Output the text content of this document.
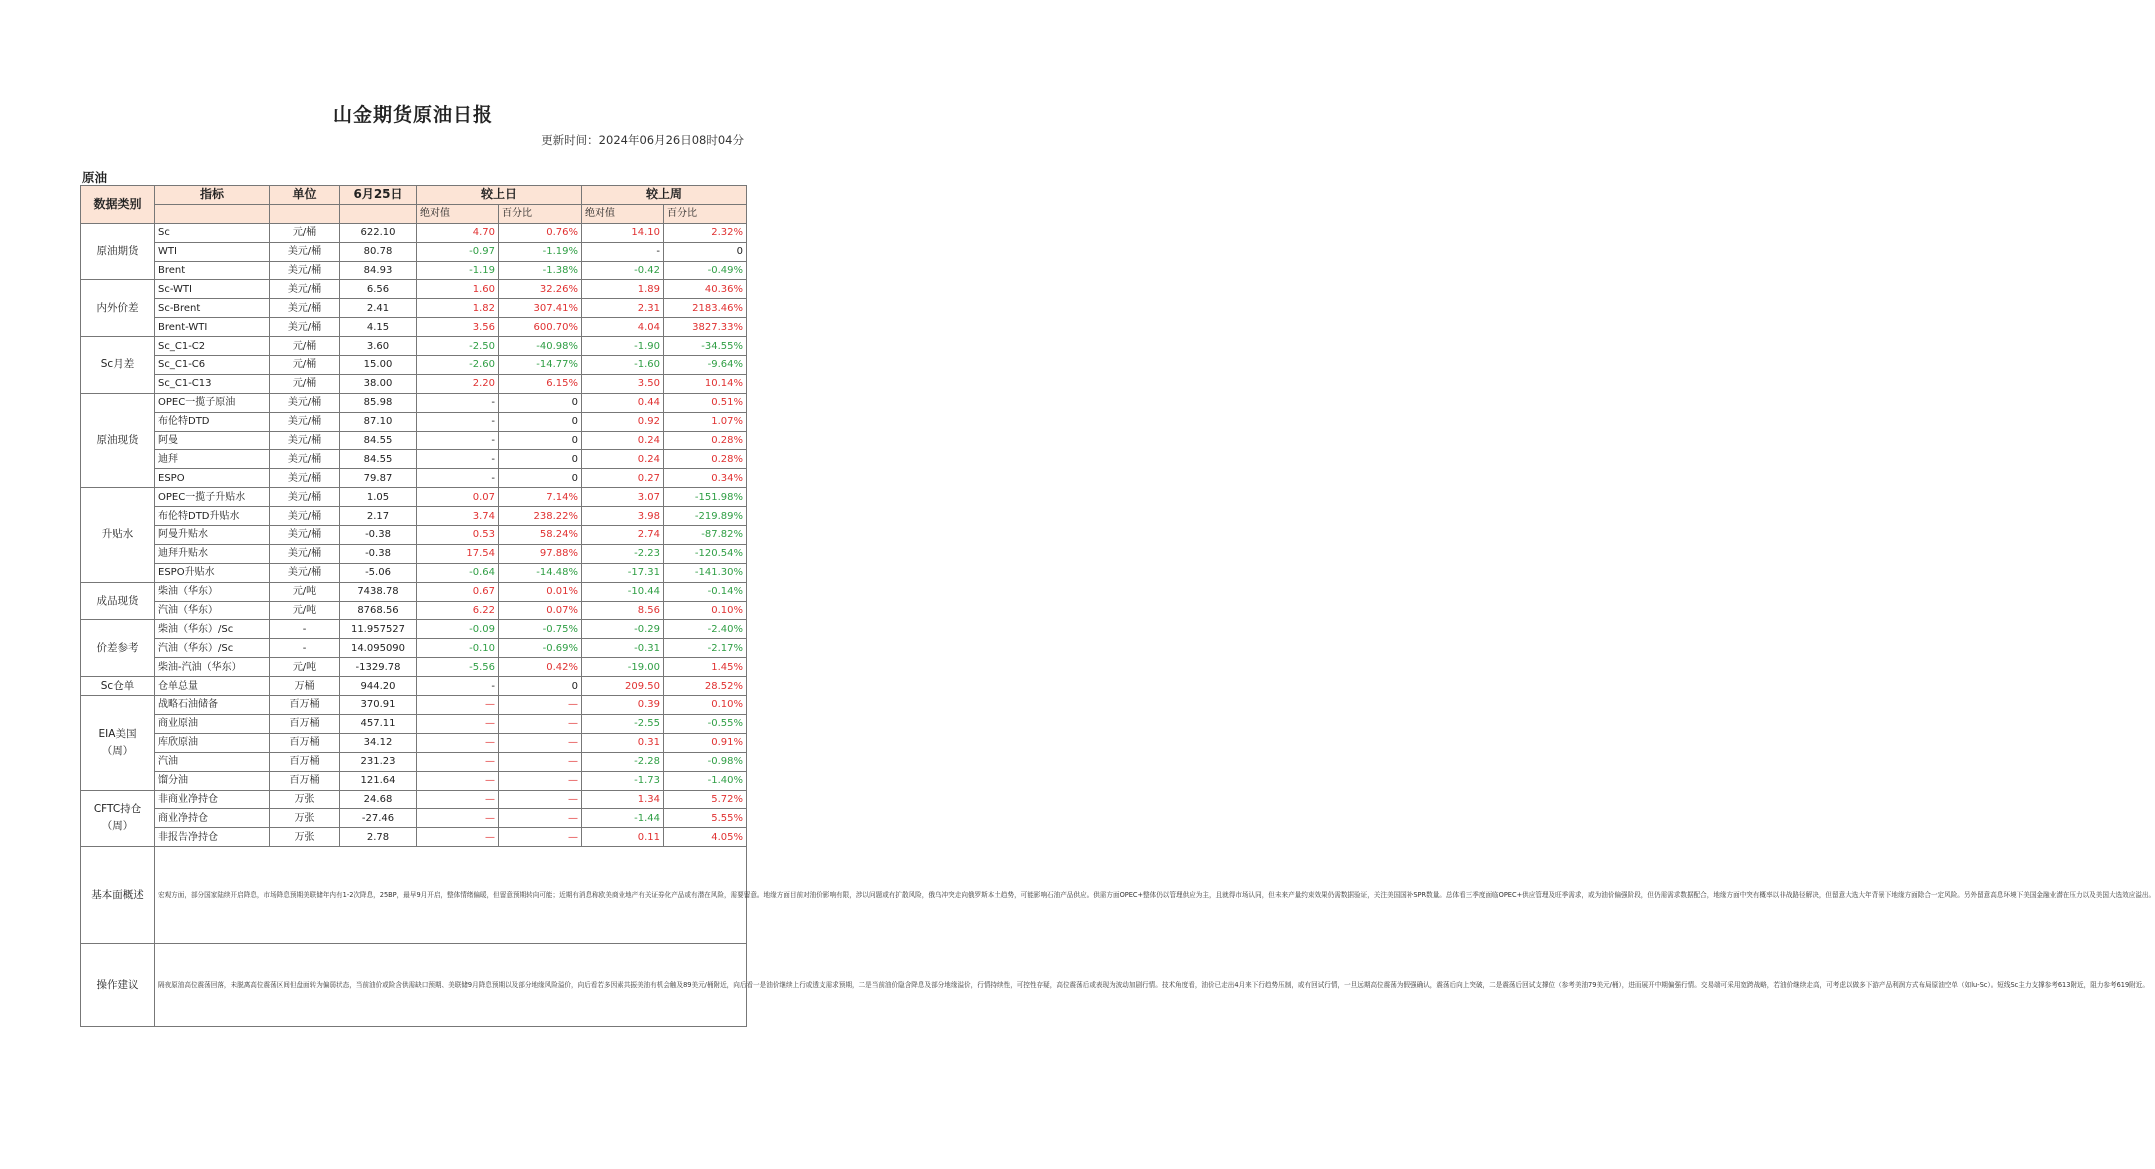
山金期货原油日报
更新时间：2024年06月26日08时04分
原油
数据类别	指标	单位	6月25日	较上日		较上周	
				绝对值	百分比	绝对值	百分比
原油期货	Sc	元/桶	622.10	4.70	0.76%	14.10	2.32%
	WTI	美元/桶	80.78	-0.97	-1.19%	-	0
	Brent	美元/桶	84.93	-1.19	-1.38%	-0.42	-0.49%
内外价差	Sc-WTI	美元/桶	6.56	1.60	32.26%	1.89	40.36%
	Sc-Brent	美元/桶	2.41	1.82	307.41%	2.31	2183.46%
	Brent-WTI	美元/桶	4.15	3.56	600.70%	4.04	3827.33%
Sc月差	Sc_C1-C2	元/桶	3.60	-2.50	-40.98%	-1.90	-34.55%
	Sc_C1-C6	元/桶	15.00	-2.60	-14.77%	-1.60	-9.64%
	Sc_C1-C13	元/桶	38.00	2.20	6.15%	3.50	10.14%
原油现货	OPEC一揽子原油	美元/桶	85.98	-	0	0.44	0.51%
	布伦特DTD	美元/桶	87.10	-	0	0.92	1.07%
	阿曼	美元/桶	84.55	-	0	0.24	0.28%
	迪拜	美元/桶	84.55	-	0	0.24	0.28%
	ESPO	美元/桶	79.87	-	0	0.27	0.34%
升贴水	OPEC一揽子升贴水	美元/桶	1.05	0.07	7.14%	3.07	-151.98%
	布伦特DTD升贴水	美元/桶	2.17	3.74	238.22%	3.98	-219.89%
	阿曼升贴水	美元/桶	-0.38	0.53	58.24%	2.74	-87.82%
	迪拜升贴水	美元/桶	-0.38	17.54	97.88%	-2.23	-120.54%
	ESPO升贴水	美元/桶	-5.06	-0.64	-14.48%	-17.31	-141.30%
成品现货	柴油（华东）	元/吨	7438.78	0.67	0.01%	-10.44	-0.14%
	汽油（华东）	元/吨	8768.56	6.22	0.07%	8.56	0.10%
价差参考	柴油（华东）/Sc	-	11.957527	-0.09	-0.75%	-0.29	-2.40%
	汽油（华东）/Sc	-	14.095090	-0.10	-0.69%	-0.31	-2.17%
	柴油-汽油（华东）	元/吨	-1329.78	-5.56	0.42%	-19.00	1.45%
Sc仓单	仓单总量	万桶	944.20	-	0	209.50	28.52%
EIA美国
（周）	战略石油储备	百万桶	370.91	—	—	0.39	0.10%
	商业原油	百万桶	457.11	—	—	-2.55	-0.55%
	库欣原油	百万桶	34.12	—	—	0.31	0.91%
	汽油	百万桶	231.23	—	—	-2.28	-0.98%
	馏分油	百万桶	121.64	—	—	-1.73	-1.40%
CFTC持仓
（周）	非商业净持仓	万张	24.68	—	—	1.34	5.72%
	商业净持仓	万张	-27.46	—	—	-1.44	5.55%
	非报告净持仓	万张	2.78	—	—	0.11	4.05%
基本面概述	宏观方面，部分国家陆续开启降息，市场降息预期美联储年内有1-2次降息，25BP，最早9月开启，整体情绪偏暖，但留意预期转向可能；近期有消息称欧美商业地产有关证券化产品或有潜在风险，需要留意。地缘方面目前对油价影响有限，涉以问题或有扩散风险，俄乌冲突走向俄罗斯本土趋势，可能影响石油产品供应。供需方面OPEC+整体仍以管理供应为主，且就得市场认同，但未来产量约束效果仍需数据验证，关注美国国补SPR数量。总体看三季度面临OPEC+供应管理及旺季需求，或为油价偏强阶段，但仍需需求数据配合，地缘方面中突有概率以非战路径解决，但留意大选大年背景下地缘方面除合一定风险。另外留意高息环境下美国金融业潜在压力以及美国大选效应溢出。						
操作建议	隔夜原油高位震荡回落，未脱离高位震荡区间但盘面转为偏弱状态，当前油价或险含供需缺口预期、美联储9月降息预期以及部分地缘风险溢价，向后看若多因素共振美油有机会触及89美元/桶附近，向后看一是油价继续上行或透支需求预期，二是当前油价隐含降息及部分地缘溢价，行情持续性，可控性存疑，高位震荡后或表现为波动加剧行情。技术角度看，油价已走出4月来下行趋势压制，或有回试行情，一旦远期高位震荡为假强确认，震荡后向上突破，二是震荡后回试支撑位（参考美油79美元/桶），进而展开中期偏强行情。交易端可采用宽跨战略，若油价继续走高，可考虑以做多下游产品利润方式布局原油空单（如lu-Sc）。短线Sc主力支撑参考613附近，阻力参考619附近。						
